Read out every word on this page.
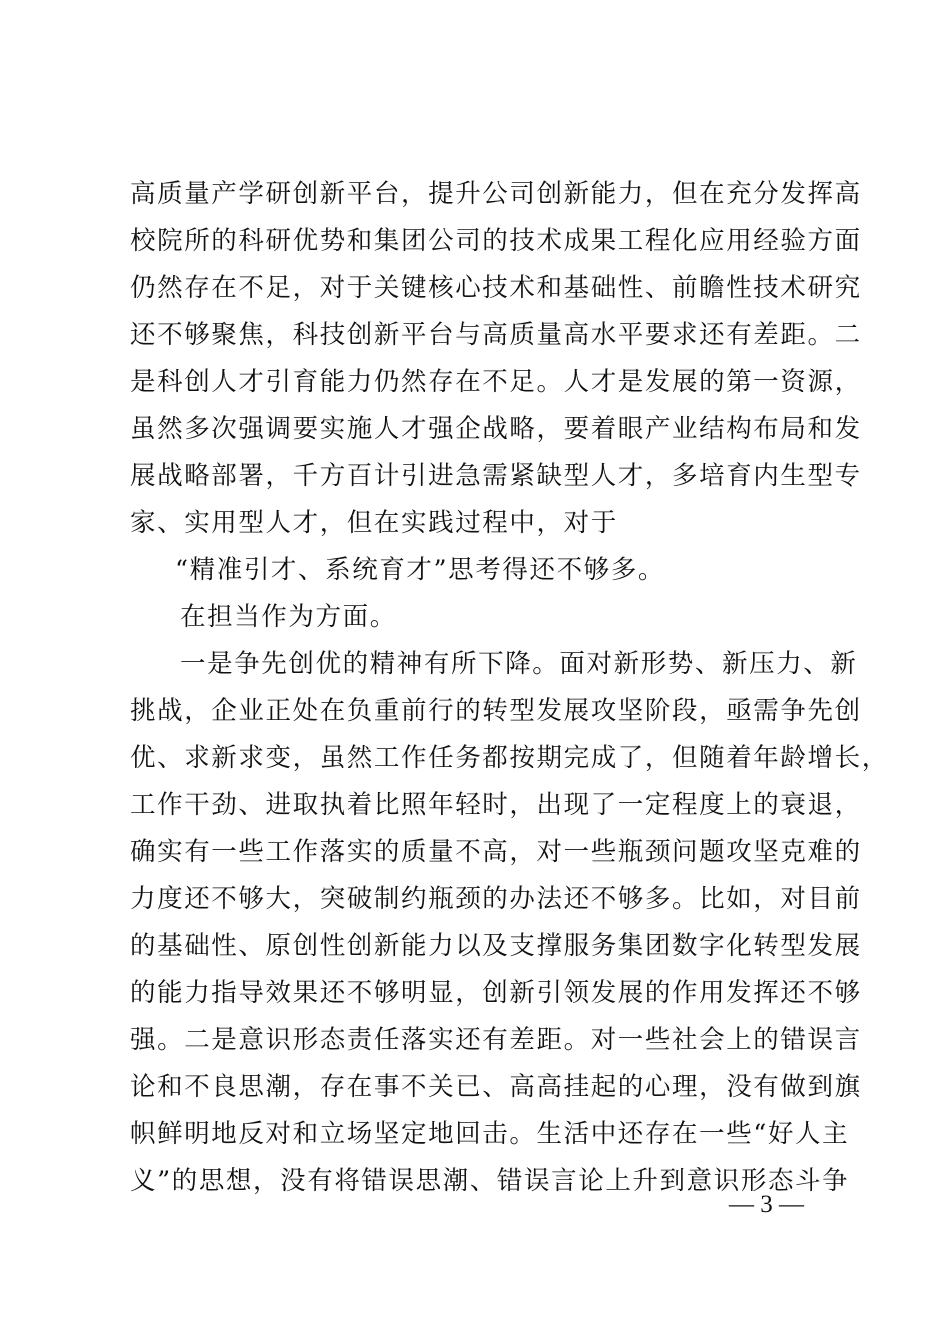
高质量产学研创新平台，提升公司创新能力，但在充分发挥高
校院所的科研优势和集团公司的技术成果工程化应用经验方面
仍然存在不足，对于关键核心技术和基础性、前瞻性技术研究
还不够聚焦，科技创新平台与高质量高水平要求还有差距。二
是科创人才引育能力仍然存在不足。人才是发展的第一资源，
虽然多次强调要实施人才强企战略，要着眼产业结构布局和发
展战略部署，千方百计引进急需紧缺型人才，多培育内生型专
家、实用型人才，但在实践过程中，对于
“精准引才、系统育才”思考得还不够多。
在担当作为方面。
一是争先创优的精神有所下降。面对新形势、新压力、新
挑战，企业正处在负重前行的转型发展攻坚阶段，亟需争先创
优、求新求变，虽然工作任务都按期完成了，但随着年龄增长，
工作干劲、进取执着比照年轻时，出现了一定程度上的衰退，
确实有一些工作落实的质量不高，对一些瓶颈问题攻坚克难的
力度还不够大，突破制约瓶颈的办法还不够多。比如，对目前
的基础性、原创性创新能力以及支撑服务集团数字化转型发展
的能力指导效果还不够明显，创新引领发展的作用发挥还不够
强。二是意识形态责任落实还有差距。对一些社会上的错误言
论和不良思潮，存在事不关已、高高挂起的心理，没有做到旗
帜鲜明地反对和立场坚定地回击。生活中还存在一些“好人主
义”的思想，没有将错误思潮、错误言论上升到意识形态斗争
— 3 —
